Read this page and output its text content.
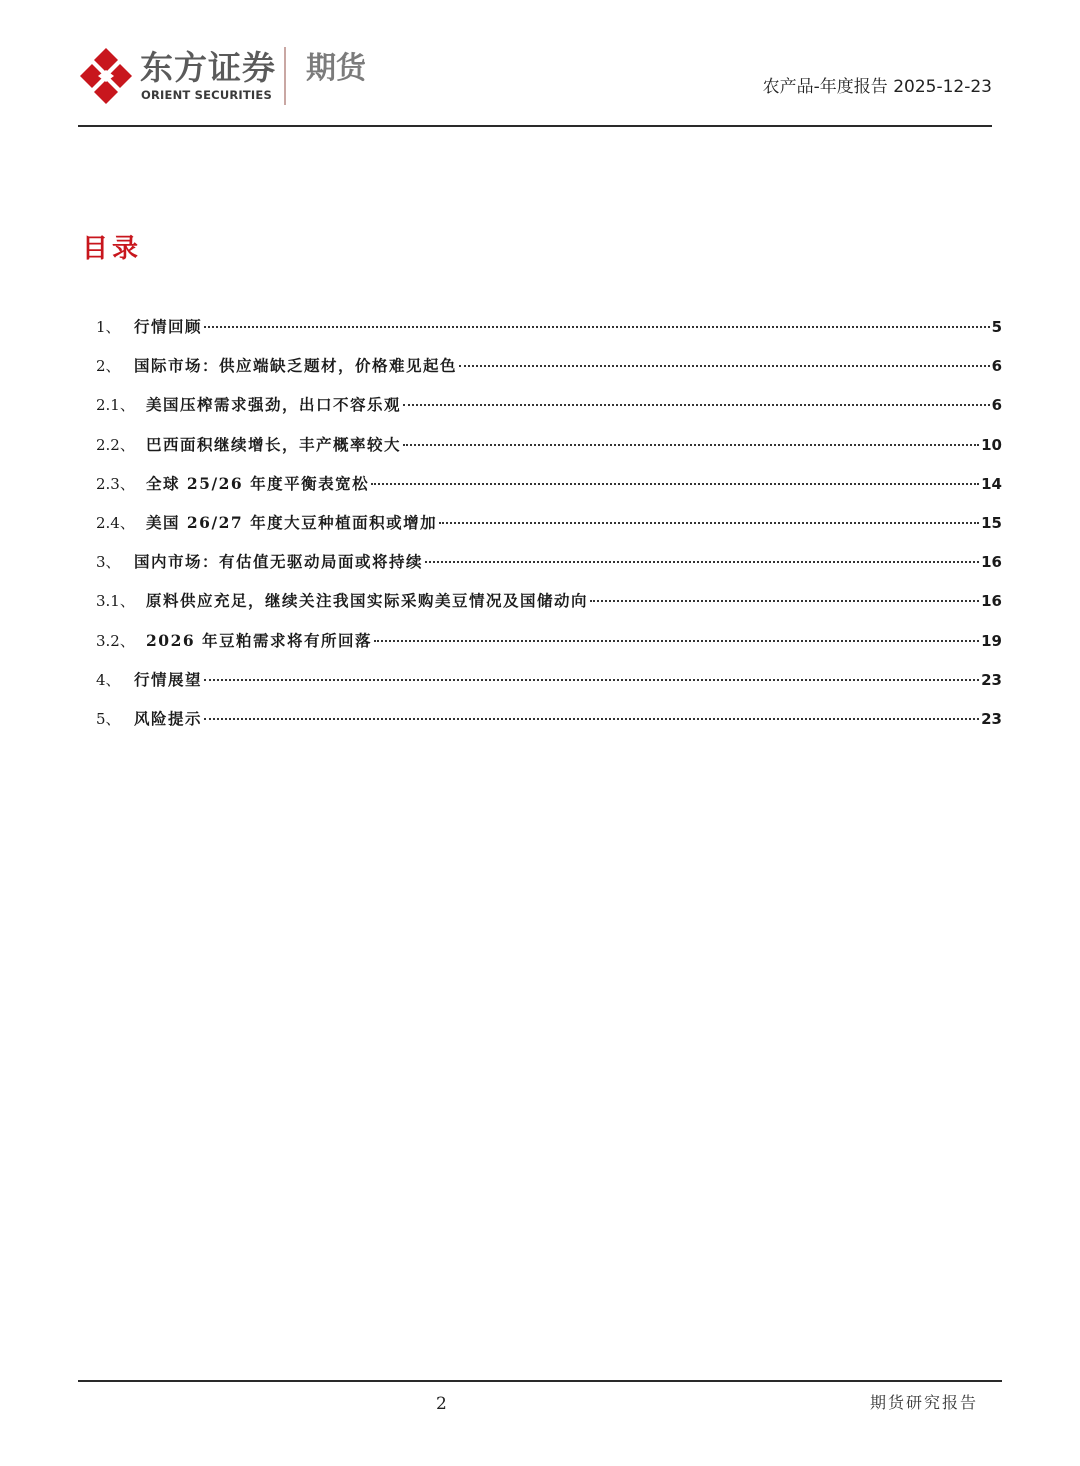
东方证券
ORIENT SECURITIES
期货
农产品-年度报告 2025-12-23
目录
1、 行情回顾	5
2、 国际市场：供应端缺乏题材，价格难见起色	6
2.1、 美国压榨需求强劲，出口不容乐观	6
2.2、 巴西面积继续增长，丰产概率较大	10
2.3、 全球 25/26 年度平衡表宽松	14
2.4、 美国 26/27 年度大豆种植面积或增加	15
3、 国内市场：有估值无驱动局面或将持续	16
3.1、 原料供应充足，继续关注我国实际采购美豆情况及国储动向	16
3.2、 2026 年豆粕需求将有所回落	19
4、 行情展望	23
5、 风险提示	23
2	期货研究报告
